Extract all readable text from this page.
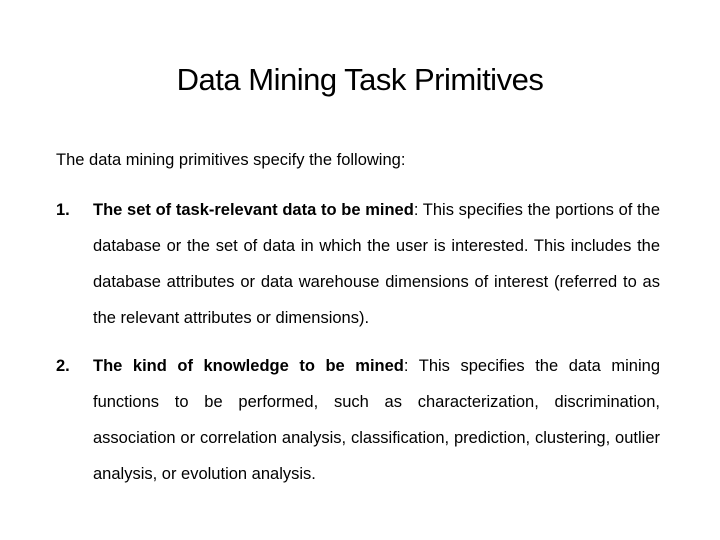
Data Mining Task Primitives
The data mining primitives specify the following:
1. The set of task-relevant data to be mined: This specifies the portions of the database or the set of data in which the user is interested. This includes the database attributes or data warehouse dimensions of interest (referred to as the relevant attributes or dimensions).
2. The kind of knowledge to be mined: This specifies the data mining functions to be performed, such as characterization, discrimination, association or correlation analysis, classification, prediction, clustering, outlier analysis, or evolution analysis.
